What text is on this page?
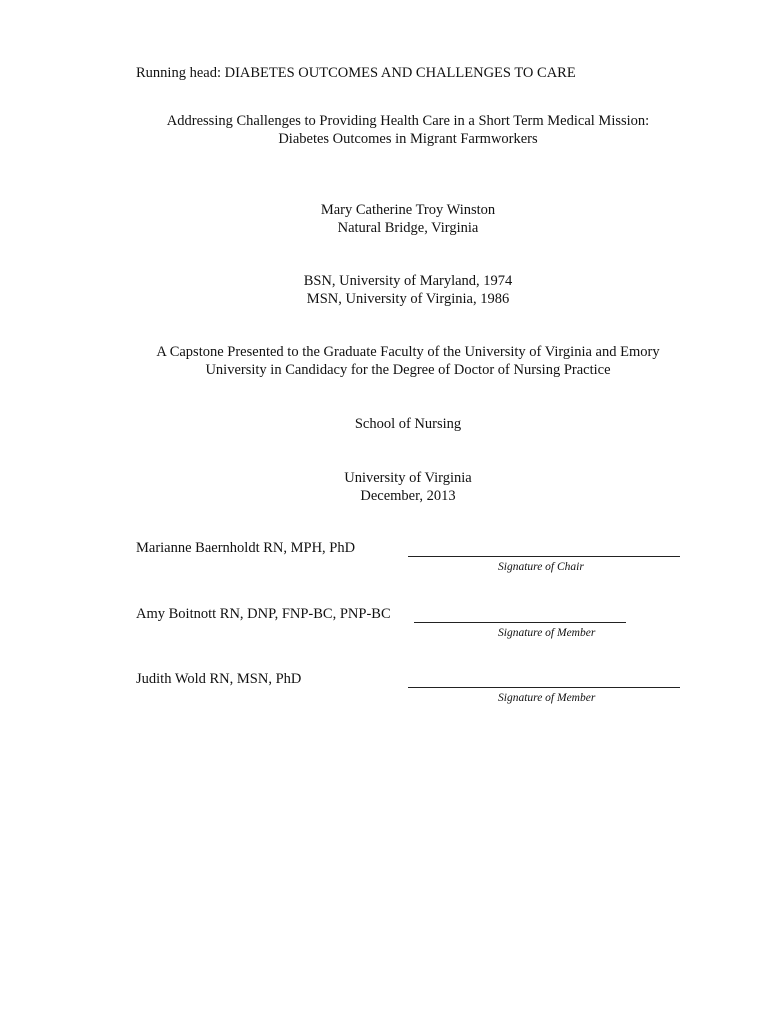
Running head: DIABETES OUTCOMES AND CHALLENGES TO CARE
Addressing Challenges to Providing Health Care in a Short Term Medical Mission:
Diabetes Outcomes in Migrant Farmworkers
Mary Catherine Troy Winston
Natural Bridge, Virginia
BSN, University of Maryland, 1974
MSN, University of Virginia, 1986
A Capstone Presented to the Graduate Faculty of the University of Virginia and Emory
University in Candidacy for the Degree of Doctor of Nursing Practice
School of Nursing
University of Virginia
December, 2013
Marianne Baernholdt RN, MPH, PhD
Signature of Chair
Amy Boitnott RN, DNP, FNP-BC, PNP-BC
Signature of Member
Judith Wold RN, MSN, PhD
Signature of Member
